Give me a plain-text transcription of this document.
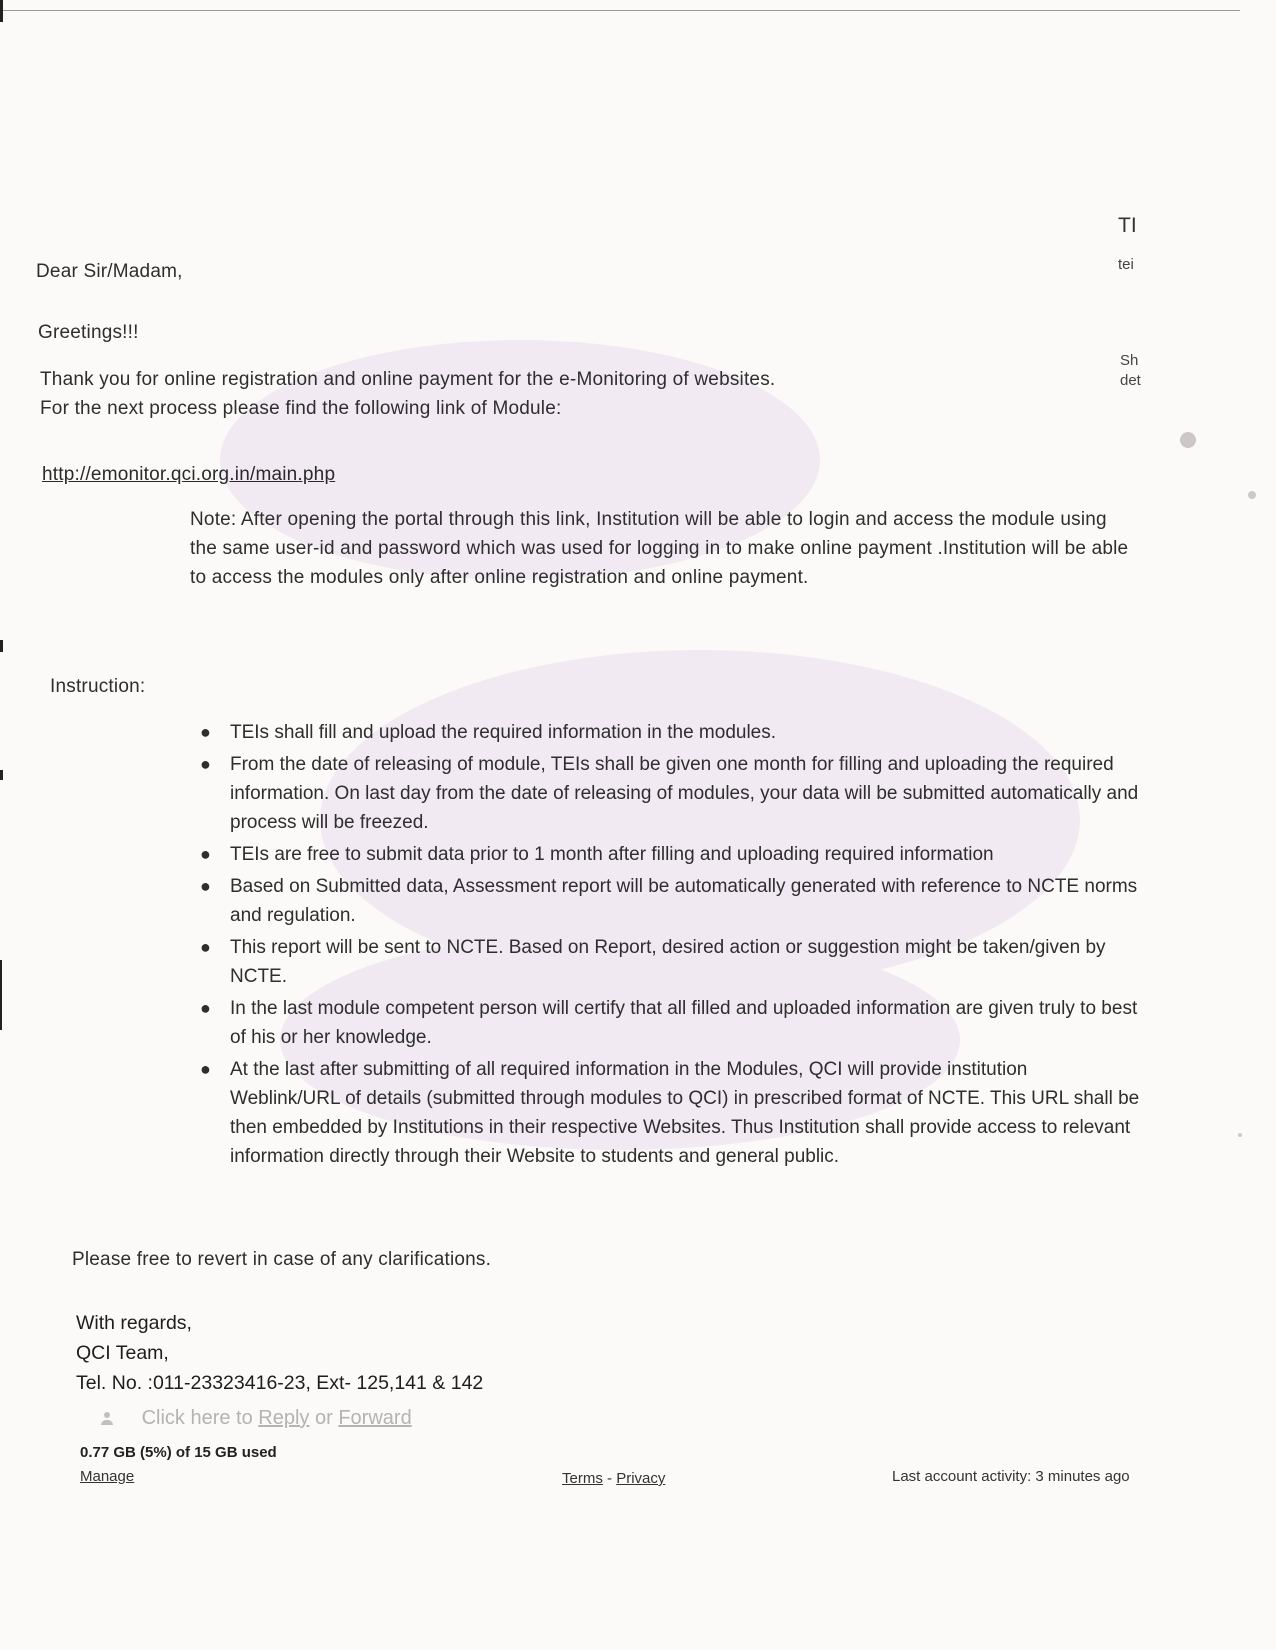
Dear Sir/Madam,
Greetings!!!
Thank you for online registration and online payment for the e-Monitoring of websites.
For the next process please find the following link of Module:
http://emonitor.qci.org.in/main.php
Note: After opening the portal through this link, Institution will be able to login and access the module using the same user-id and password which was used for logging in to make online payment .Institution will be able to access the modules only after online registration and online payment.
Instruction:
● TEIs shall fill and upload the required information in the modules.
● From the date of releasing of module, TEIs shall be given one month for filling and uploading the required information. On last day from the date of releasing of modules, your data will be submitted automatically and process will be freezed.
● TEIs are free to submit data prior to 1 month after filling and uploading required information
● Based on Submitted data, Assessment report will be automatically generated with reference to NCTE norms and regulation.
● This report will be sent to NCTE. Based on Report, desired action or suggestion might be taken/given by NCTE.
● In the last module competent person will certify that all filled and uploaded information are given truly to best of his or her knowledge.
● At the last after submitting of all required information in the Modules, QCI will provide institution Weblink/URL of details (submitted through modules to QCI) in prescribed format of NCTE. This URL shall be then embedded by Institutions in their respective Websites. Thus Institution shall provide access to relevant information directly through their Website to students and general public.
Please free to revert in case of any clarifications.
With regards,
QCI Team,
Tel. No. :011-23323416-23, Ext- 125,141 & 142
Click here to Reply or Forward
0.77 GB (5%) of 15 GB used
Manage	Terms - Privacy	Last account activity: 3 minutes ago
TI
tei
Sh
det
